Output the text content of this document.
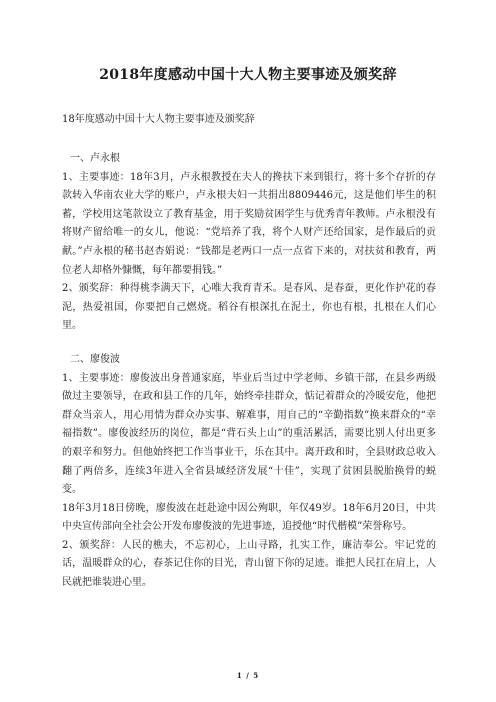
2018年度感动中国十大人物主要事迹及颁奖辞
18年度感动中国十大人物主要事迹及颁奖辞

一、卢永根

1、主要事迹：18年3月，卢永根教授在夫人的搀扶下来到银行，将十多个存折的存款转入华南农业大学的账户，卢永根夫妇一共捐出8809446元，这是他们毕生的积蓄，学校用这笔款设立了教育基金，用于奖励贫困学生与优秀青年教师。卢永根没有将财产留给唯一的女儿，他说：“党培养了我，将个人财产还给国家，是作最后的贡献。”卢永根的秘书赵杏娟说：“钱都是老两口一点一点省下来的，对扶贫和教育，两位老人却格外慷慨，每年都要捐钱。”

2、颁奖辞：种得桃李满天下，心唯大我育青禾。是春风、是春蚕，更化作护花的春泥，热爱祖国，你要把自己燃烧。稻谷有根深扎在泥土，你也有根，扎根在人们心里。

二、廖俊波

1、主要事迹：廖俊波出身普通家庭，毕业后当过中学老师、乡镇干部，在县乡两级做过主要领导，在政和县工作的几年，始终牵挂群众，惦记着群众的冷暖安危，他把群众当亲人，用心用情为群众办实事、解难事，用自己的“辛勤指数”换来群众的“幸福指数”。廖俊波经历的岗位，都是“背石头上山”的重活累活，需要比别人付出更多的艰辛和努力。但他始终把工作当事业干，乐在其中。离开政和时，全县财政总收入翻了两倍多，连续3年进入全省县域经济发展“十佳”，实现了贫困县脱胎换骨的蜕变。

18年3月18日傍晚，廖俊波在赶赴途中因公殉职，年仅49岁。18年6月20日，中共中央宣传部向全社会公开发布廖俊波的先进事迹，追授他“时代楷模”荣誉称号。

2、颁奖辞：人民的樵夫，不忘初心，上山寻路，扎实工作，廉洁奉公。牢记党的话，温暖群众的心，春茶记住你的目光，青山留下你的足迹。谁把人民扛在肩上，人民就把谁装进心里。

1 / 5
